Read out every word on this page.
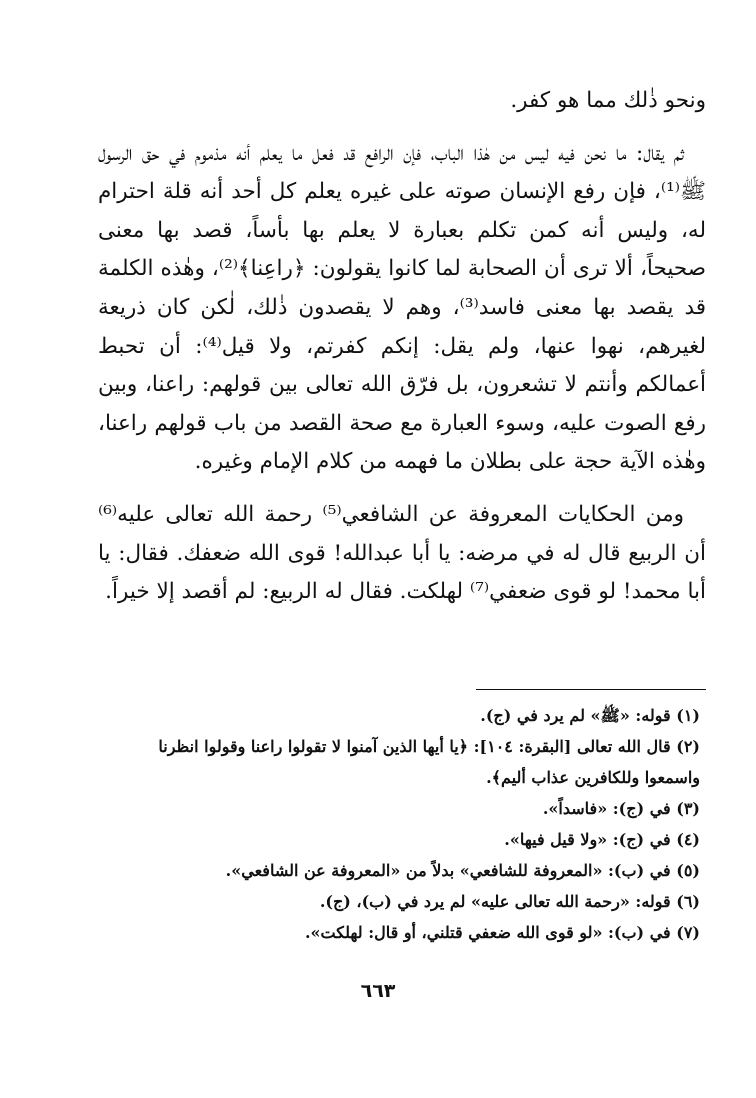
ونحو ذٰلك مما هو كفر.

ثم يقال: ما نحن فيه ليس من هٰذا الباب، فإن الرافع قد فعل ما يعلم أنه مذموم في حق الرسول ﷺ⁽¹⁾، فإن رفع الإنسان صوته على غيره يعلم كل أحد أنه قلة احترام له، وليس أنه كمن تكلم بعبارة لا يعلم بها بأساً، قصد بها معنى صحيحاً، ألا ترى أن الصحابة لما كانوا يقولون: ﴿راعِنا﴾⁽²⁾، وهٰذه الكلمة قد يقصد بها معنى فاسد⁽³⁾، وهم لا يقصدون ذٰلك، لٰكن كان ذريعة لغيرهم، نهوا عنها، ولم يقل: إنكم كفرتم، ولا قيل⁽⁴⁾: أن تحبط أعمالكم وأنتم لا تشعرون، بل فرّق الله تعالى بين قولهم: راعنا، وبين رفع الصوت عليه، وسوء العبارة مع صحة القصد من باب قولهم راعنا، وهٰذه الآية حجة على بطلان ما فهمه من كلام الإمام وغيره.

ومن الحكايات المعروفة عن الشافعي⁽⁵⁾ رحمة الله تعالى عليه⁽⁶⁾ أن الربيع قال له في مرضه: يا أبا عبدالله! قوى الله ضعفك. فقال: يا أبا محمد! لو قوى ضعفي⁽⁷⁾ لهلكت. فقال له الربيع: لم أقصد إلا خيراً.

(١) قوله: «ﷺ» لم يرد في (ج).

(٢) قال الله تعالى [البقرة: ١٠٤]: ﴿يا أيها الذين آمنوا لا تقولوا راعنا وقولوا انظرنا واسمعوا وللكافرين عذاب أليم﴾.

(٣) في (ج): «فاسداً».

(٤) في (ج): «ولا قيل فيها».

(٥) في (ب): «المعروفة للشافعي» بدلاً من «المعروفة عن الشافعي».

(٦) قوله: «رحمة الله تعالى عليه» لم يرد في (ب)، (ج).

(٧) في (ب): «لو قوى الله ضعفي قتلني، أو قال: لهلكت».

٦٦٣
